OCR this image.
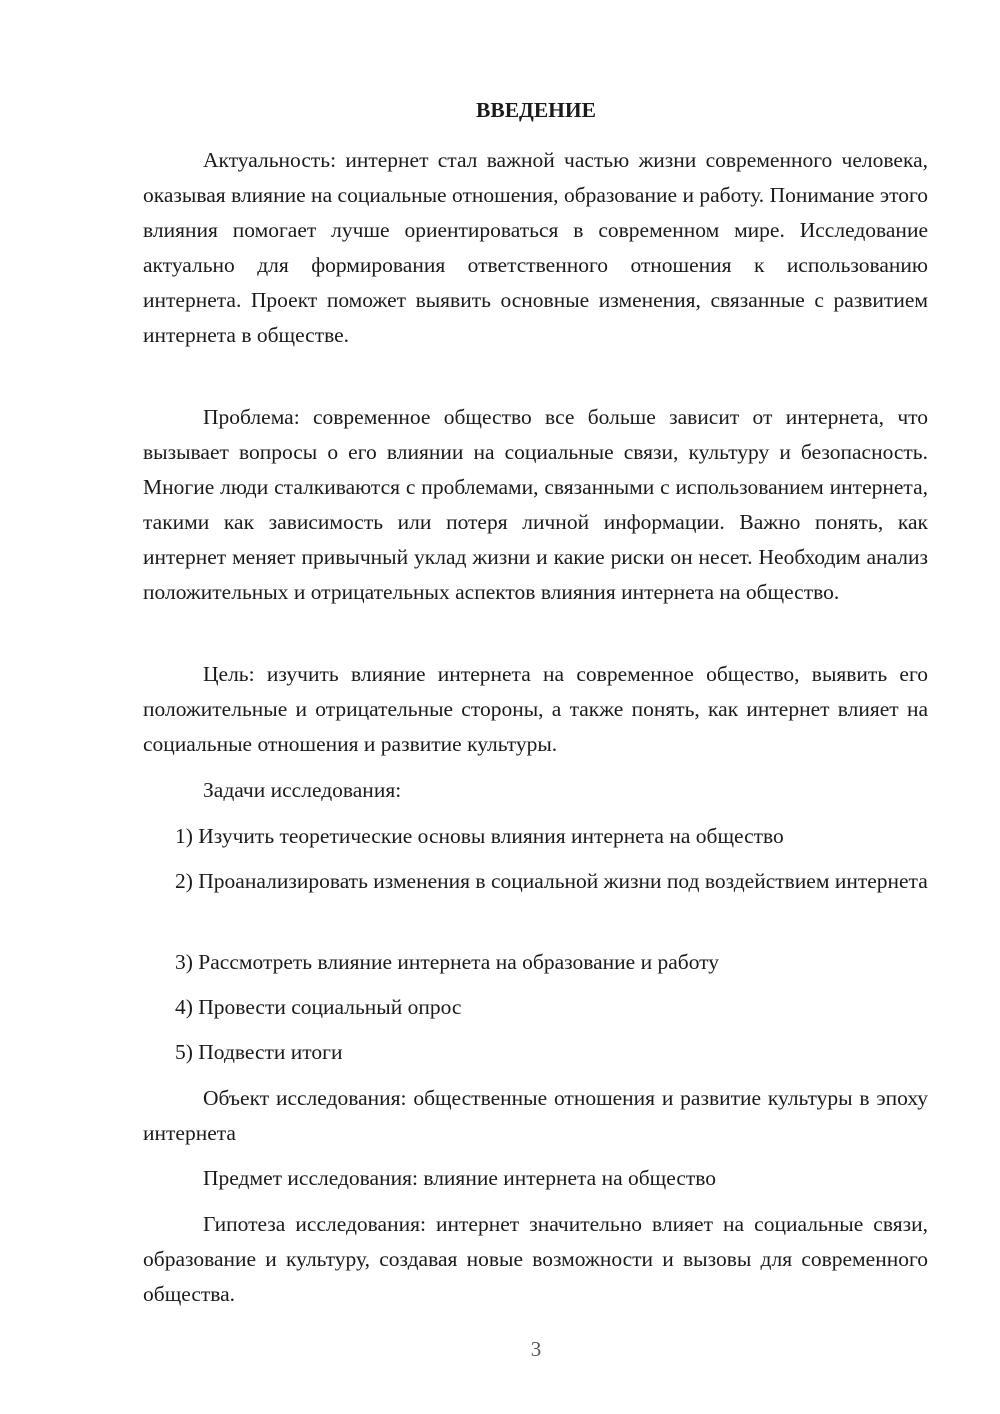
ВВЕДЕНИЕ

Актуальность: интернет стал важной частью жизни современного человека, оказывая влияние на социальные отношения, образование и работу. Понимание этого влияния помогает лучше ориентироваться в современном мире. Исследование актуально для формирования ответственного отношения к использованию интернета. Проект поможет выявить основные изменения, связанные с развитием интернета в обществе.

Проблема: современное общество все больше зависит от интернета, что вызывает вопросы о его влиянии на социальные связи, культуру и безопасность. Многие люди сталкиваются с проблемами, связанными с использованием интернета, такими как зависимость или потеря личной информации. Важно понять, как интернет меняет привычный уклад жизни и какие риски он несет. Необходим анализ положительных и отрицательных аспектов влияния интернета на общество.

Цель: изучить влияние интернета на современное общество, выявить его положительные и отрицательные стороны, а также понять, как интернет влияет на социальные отношения и развитие культуры.

Задачи исследования:

1) Изучить теоретические основы влияния интернета на общество

2) Проанализировать изменения в социальной жизни под воздействием интернета

3) Рассмотреть влияние интернета на образование и работу

4) Провести социальный опрос

5) Подвести итоги

Объект исследования: общественные отношения и развитие культуры в эпоху интернета

Предмет исследования: влияние интернета на общество

Гипотеза исследования: интернет значительно влияет на социальные связи, образование и культуру, создавая новые возможности и вызовы для современного общества.

3
